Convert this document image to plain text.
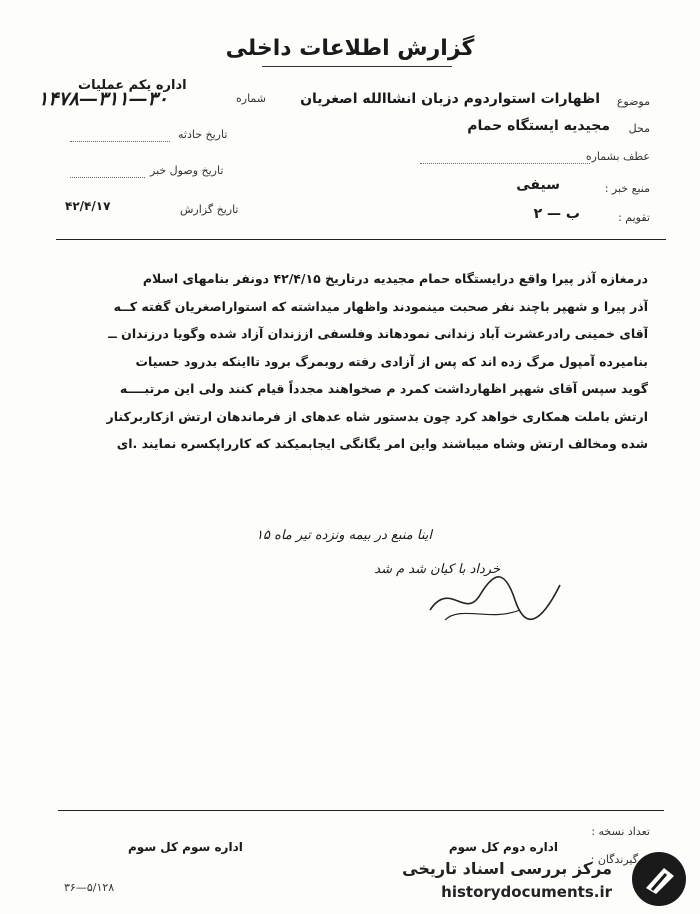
گزارش اطلاعات داخلی
موضوع
اظهارات استواردوم دزبان انشاالله اصغریان
محل
مجیدیه ایستگاه حمام
عطف بشماره
منبع خبر :
سیفی
تقویم :
ب — ۲
اداره یکم عملیات
شماره
۳۰—۳۱۱—۱۴۷۸
تاریخ حادثه
تاریخ وصول خبر
تاریخ گزارش
۴۲/۴/۱۷

درمغازه آذر پیرا واقع درایستگاه حمام مجیدیه درتاریخ ۴۲/۴/۱۵ دونفر بنامهای اسلام

آذر پیرا و شهپر باچند نفر صحبت مینمودند واظهار میداشته که استواراصغریان گفته کــه

آقای خمینی رادرعشرت آباد زندانی نمودهاند وفلسفی اززندان آزاد شده وگویا درزندان ــ

بنامیرده آمپول مرگ زده اند که پس از آزادی رفته روبمرگ برود تااینکه بدرود حسیات

گوید سپس آقای شهپر اظهارداشت کمرد م صخواهند مجدداً قیام کنند ولی این مرتبــــه

ارتش باملت همکاری خواهد کرد چون بدستور شاه عدهای از فرماندهان ارتش ازکاربرکنار

شده ومخالف ارتش وشاه میباشند واین امر یگانگی ایجابمیکند که کارراپکسره نمایند .ای

اینا منبع در بیمه ونزده تیر ماه ۱۵
خرداد با کیان شد م شد
تعداد نسخه :
اداره دوم کل سوم
گیرندگان :
اداره سوم کل سوم
۵/۱۲۸—۳۶
مرکز بررسی اسناد تاریخی
historydocuments.ir
